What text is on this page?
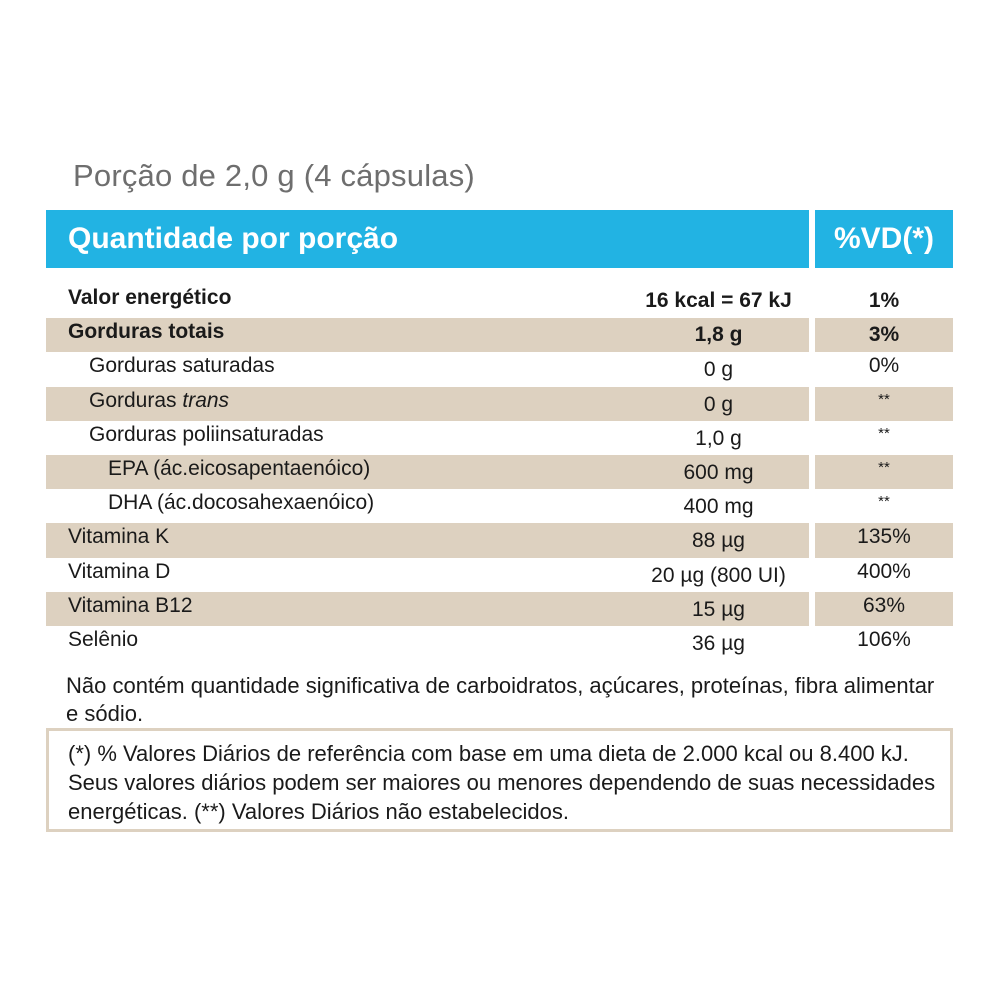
Porção de 2,0 g (4 cápsulas)
Quantidade por porção	%VD(*)
Valor energético	16 kcal = 67 kJ	1%
Gorduras totais	1,8 g	3%
Gorduras saturadas	0 g	0%
Gorduras trans	0 g	**
Gorduras poliinsaturadas	1,0 g	**
EPA (ác.eicosapentaenóico)	600 mg	**
DHA (ác.docosahexaenóico)	400 mg	**
Vitamina K	88 µg	135%
Vitamina D	20 µg (800 UI)	400%
Vitamina B12	15 µg	63%
Selênio	36 µg	106%
Não contém quantidade significativa de carboidratos, açúcares, proteínas, fibra alimentar e sódio.
(*) % Valores Diários de referência com base em uma dieta de 2.000 kcal ou 8.400 kJ. Seus valores diários podem ser maiores ou menores dependendo de suas necessidades energéticas. (**) Valores Diários não estabelecidos.
